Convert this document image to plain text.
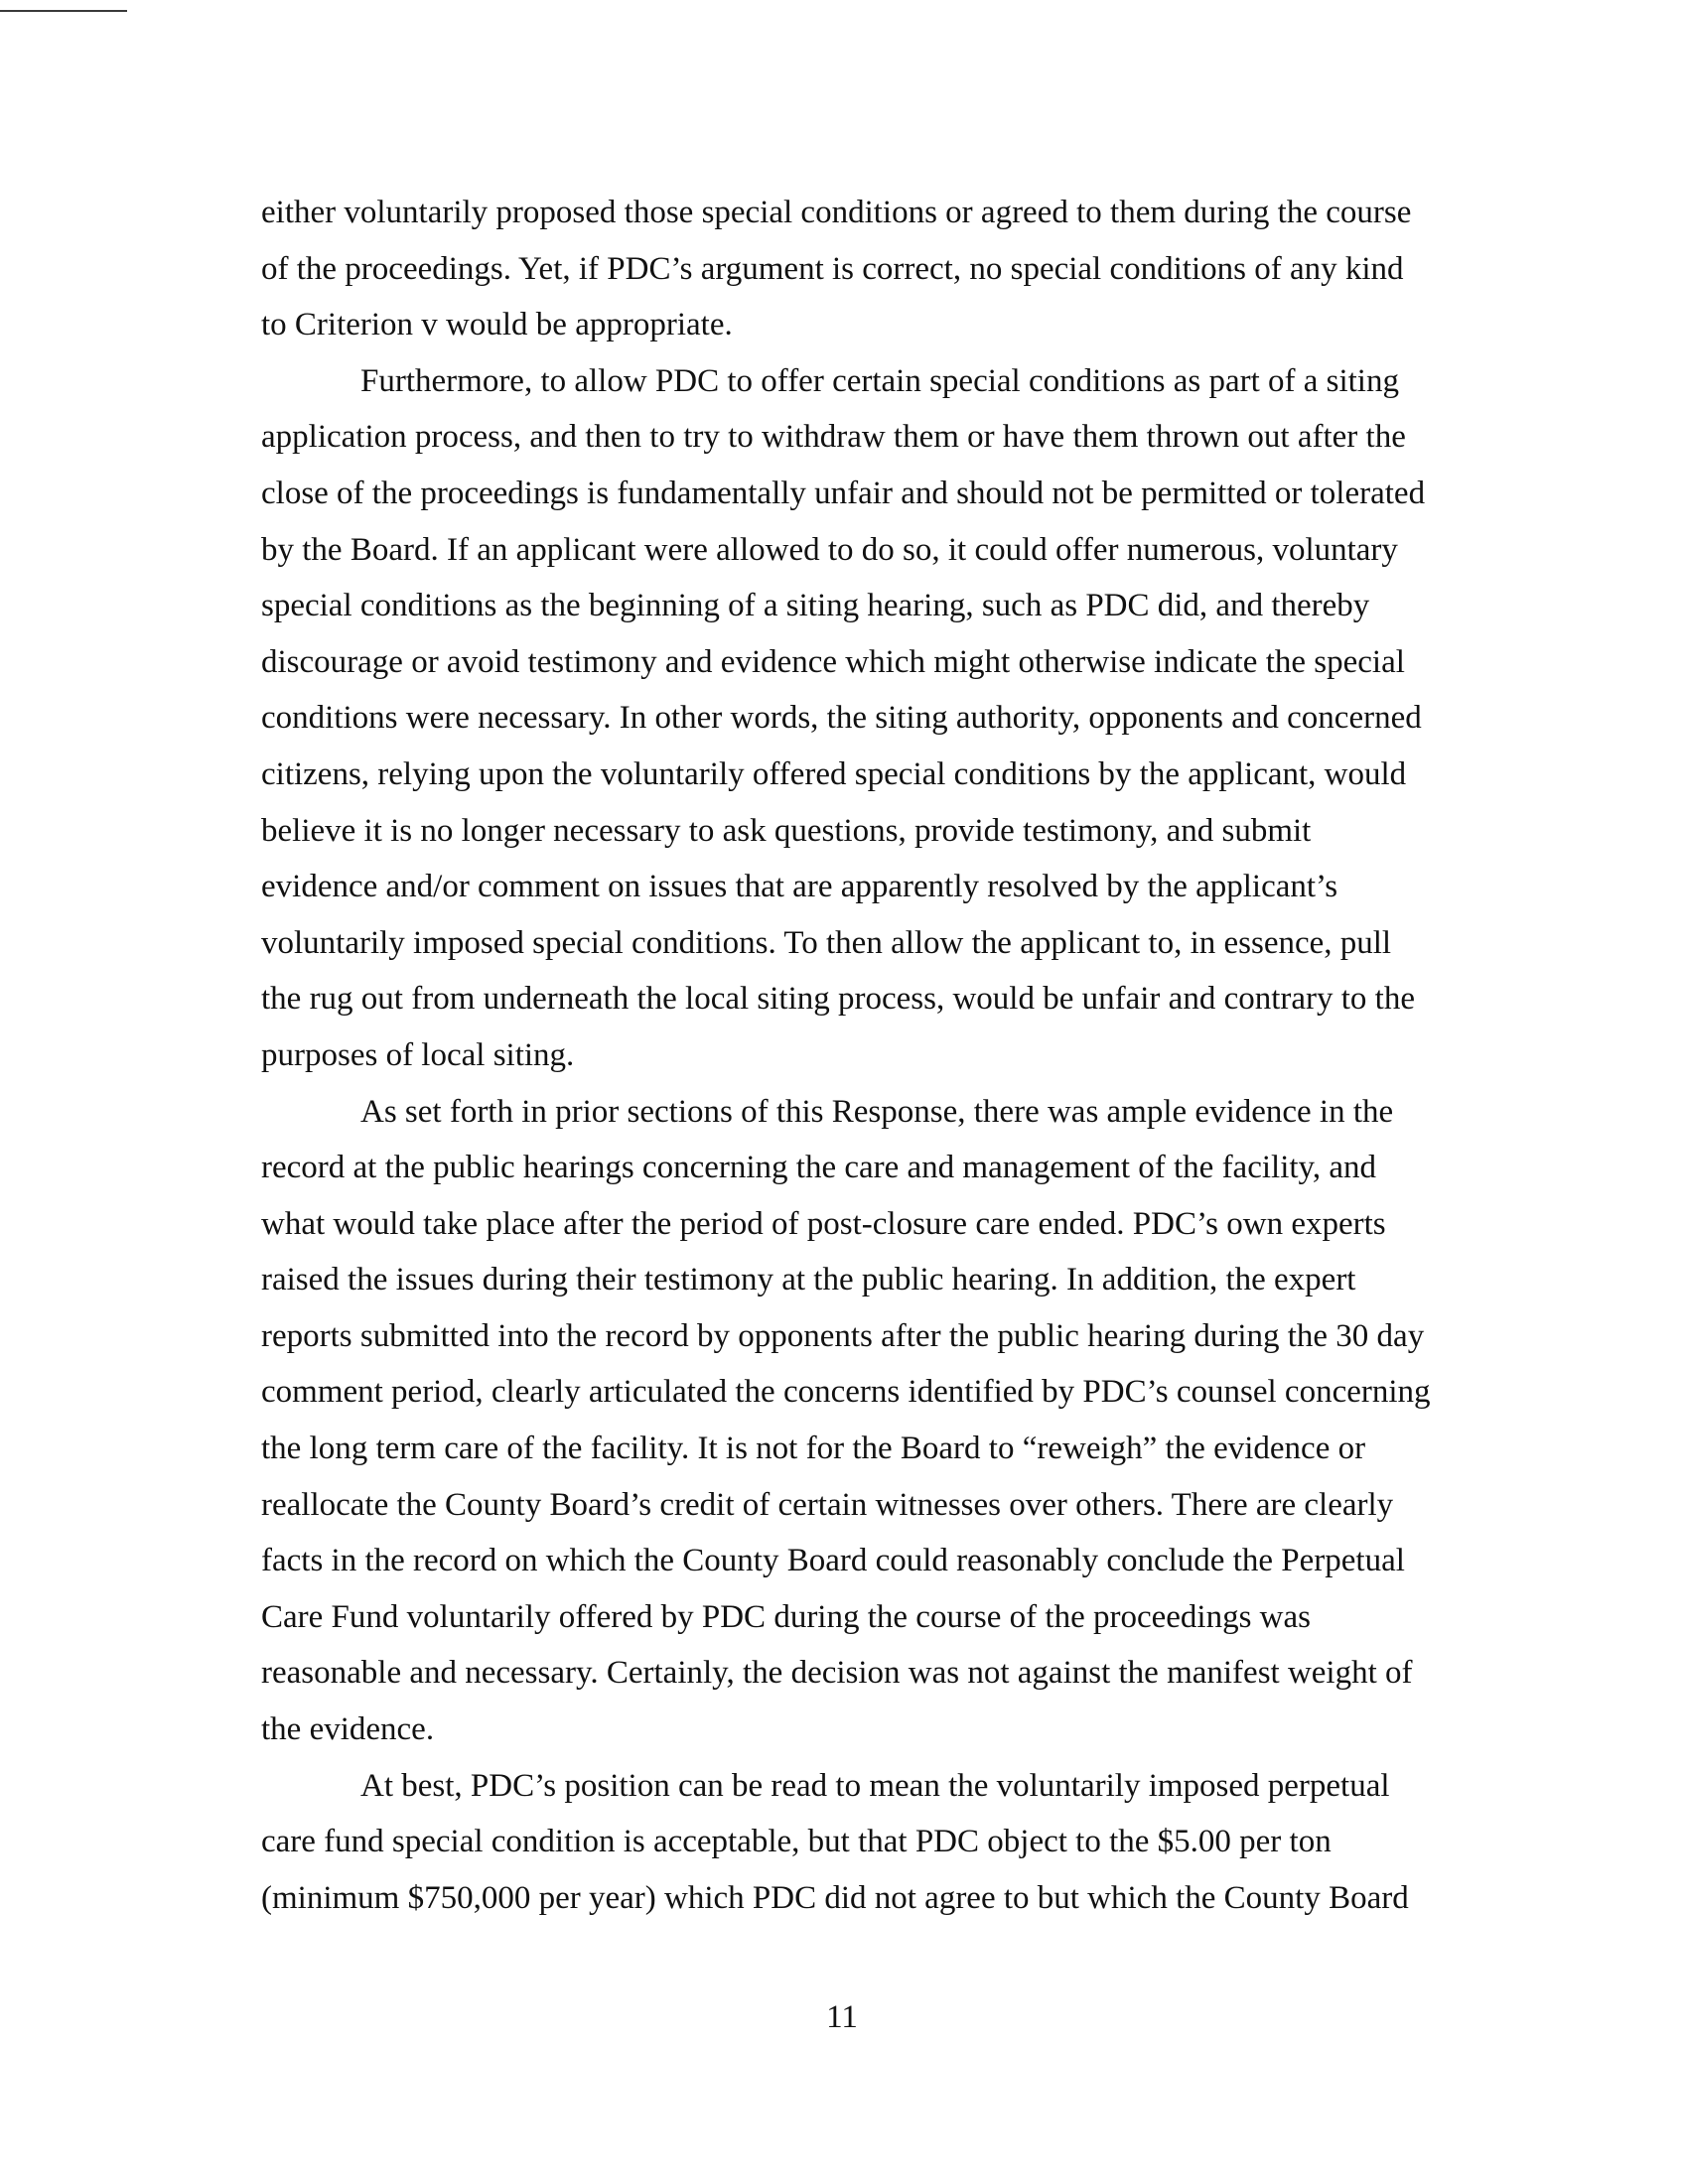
either voluntarily proposed those special conditions or agreed to them during the course of the proceedings. Yet, if PDC’s argument is correct, no special conditions of any kind to Criterion v would be appropriate.

Furthermore, to allow PDC to offer certain special conditions as part of a siting application process, and then to try to withdraw them or have them thrown out after the close of the proceedings is fundamentally unfair and should not be permitted or tolerated by the Board. If an applicant were allowed to do so, it could offer numerous, voluntary special conditions as the beginning of a siting hearing, such as PDC did, and thereby discourage or avoid testimony and evidence which might otherwise indicate the special conditions were necessary. In other words, the siting authority, opponents and concerned citizens, relying upon the voluntarily offered special conditions by the applicant, would believe it is no longer necessary to ask questions, provide testimony, and submit evidence and/or comment on issues that are apparently resolved by the applicant’s voluntarily imposed special conditions. To then allow the applicant to, in essence, pull the rug out from underneath the local siting process, would be unfair and contrary to the purposes of local siting.

As set forth in prior sections of this Response, there was ample evidence in the record at the public hearings concerning the care and management of the facility, and what would take place after the period of post-closure care ended. PDC’s own experts raised the issues during their testimony at the public hearing. In addition, the expert reports submitted into the record by opponents after the public hearing during the 30 day comment period, clearly articulated the concerns identified by PDC’s counsel concerning the long term care of the facility. It is not for the Board to “reweigh” the evidence or reallocate the County Board’s credit of certain witnesses over others. There are clearly facts in the record on which the County Board could reasonably conclude the Perpetual Care Fund voluntarily offered by PDC during the course of the proceedings was reasonable and necessary. Certainly, the decision was not against the manifest weight of the evidence.

At best, PDC’s position can be read to mean the voluntarily imposed perpetual care fund special condition is acceptable, but that PDC object to the $5.00 per ton (minimum $750,000 per year) which PDC did not agree to but which the County Board

11
